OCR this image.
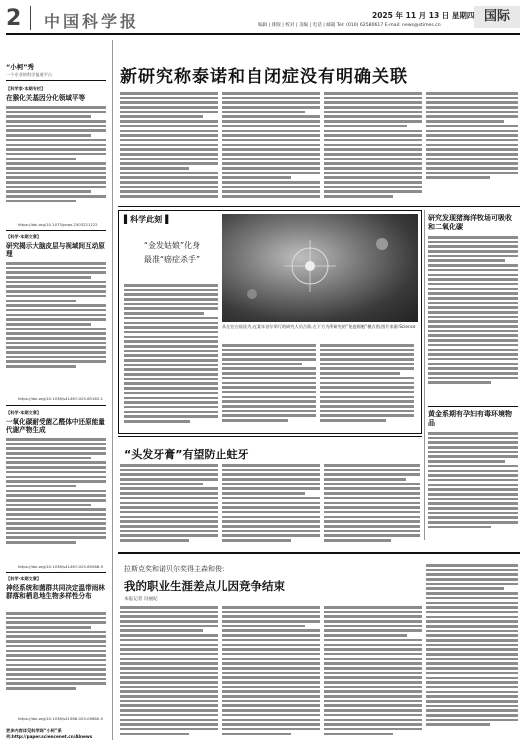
2 中国科学报	2025 年 11 月 13 日 星期四
编辑 | 排版 | 校对 | 美编 | 电话 | 邮箱 Tel: (010) 62580617 E-mail: news@stimes.cn
国际
“小柯”秀
一个专业的科学报道平台
【科学家·本期专栏】
在猴化关基因分化领域平等
https://doi.org/10.1073/pnas.2503221122
【科学·本期文章】
研究揭示大脑皮层与视域间互动原理
https://doi.org/10.1038/s41467-025-65163-1
【科学·本期文章】
一氧化碳耐受菌乙醛体中还原能量代谢产物生成
https://doi.org/10.1038/s41467-025-65068-9
【科学·本期文章】
神经系统和菌群共同决定温带雨林群落和栖息地生物多样性分布
https://doi.org/10.1038/s41586-025-09680-5
更多内容详见科学网“小柯”系列:http://paper.sciencenet.cn/AInews
新研究称泰诺和自闭症没有明确关联
▌科学此刻▐
“金发姑娘”化身
最准“癌症杀手”
从左往右依次为,在某年首尔举行的研究人员合影,左下方为所研究的“免疫细胞”模式图,图片来源:Science
研究发现猪海洋牧场可吸收和二氧化碳
黄金系期有孕妇有毒环境物品
“头发牙膏”有望防止蛀牙
拉斯克奖和诺贝尔奖得主森和俊:
我的职业生涯差点儿因竞争结束
本报记者 冯丽妃
